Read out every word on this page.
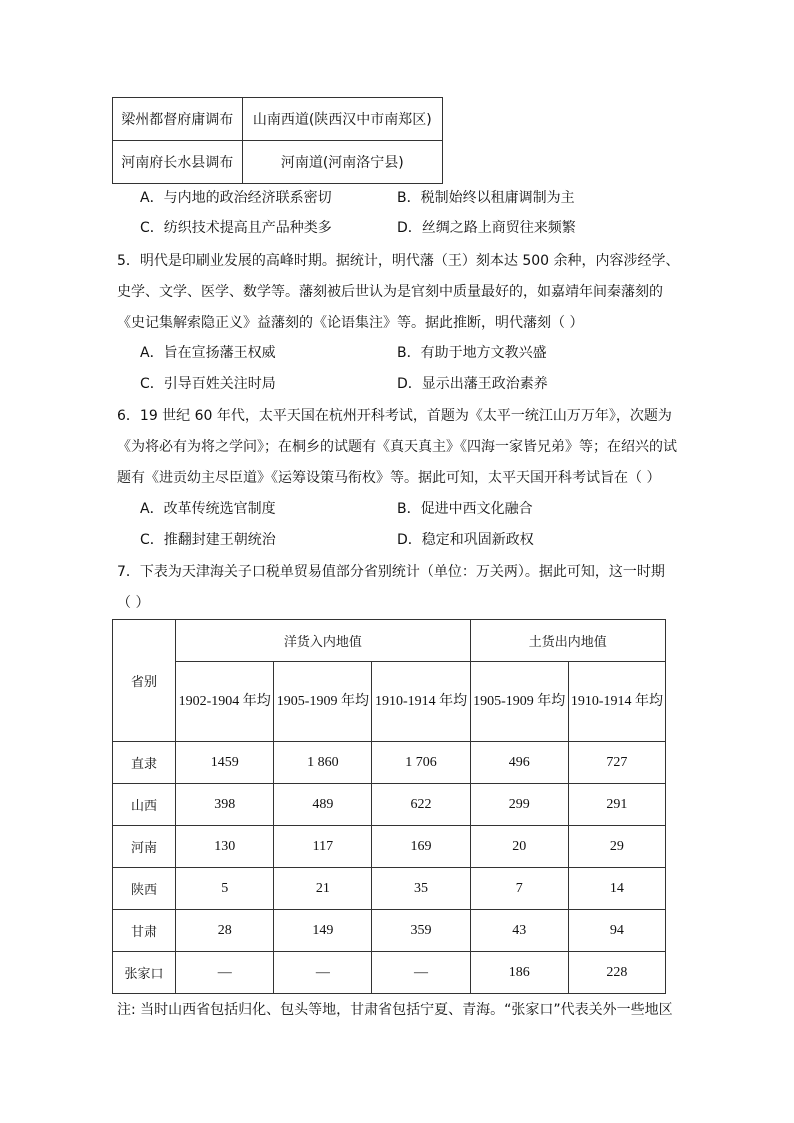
梁州都督府庸调布	山南西道(陕西汉中市南郑区)
河南府长水县调布	河南道(河南洛宁县)
A．与内地的政治经济联系密切	B．税制始终以租庸调制为主
C．纺织技术提高且产品种类多	D．丝绸之路上商贸往来频繁
5．明代是印刷业发展的高峰时期。据统计，明代藩（王）刻本达 500 余种，内容涉经学、
史学、文学、医学、数学等。藩刻被后世认为是官刻中质量最好的，如嘉靖年间秦藩刻的
《史记集解索隐正义》益藩刻的《论语集注》等。据此推断，明代藩刻（ ）
A．旨在宣扬藩王权威	B．有助于地方文教兴盛
C．引导百姓关注时局	D．显示出藩王政治素养
6．19 世纪 60 年代，太平天国在杭州开科考试，首题为《太平一统江山万万年》，次题为
《为将必有为将之学问》；在桐乡的试题有《真天真主》《四海一家皆兄弟》等；在绍兴的试
题有《进贡幼主尽臣道》《运筹设策马衔枚》等。据此可知，太平天国开科考试旨在（ ）
A．改革传统选官制度	B．促进中西文化融合
C．推翻封建王朝统治	D．稳定和巩固新政权
7．下表为天津海关子口税单贸易值部分省别统计（单位：万关两）。据此可知，这一时期
（ ）
省别	洋货入内地值			土货出内地值	
	1902-1904 年均	1905-1909 年均	1910-1914 年均	1905-1909 年均	1910-1914 年均
直隶	1459	1 860	1 706	496	727
山西	398	489	622	299	291
河南	130	117	169	20	29
陕西	5	21	35	7	14
甘肃	28	149	359	43	94
张家口	—	—	—	186	228
注: 当时山西省包括归化、包头等地，甘肃省包括宁夏、青海。“张家口”代表关外一些地区
